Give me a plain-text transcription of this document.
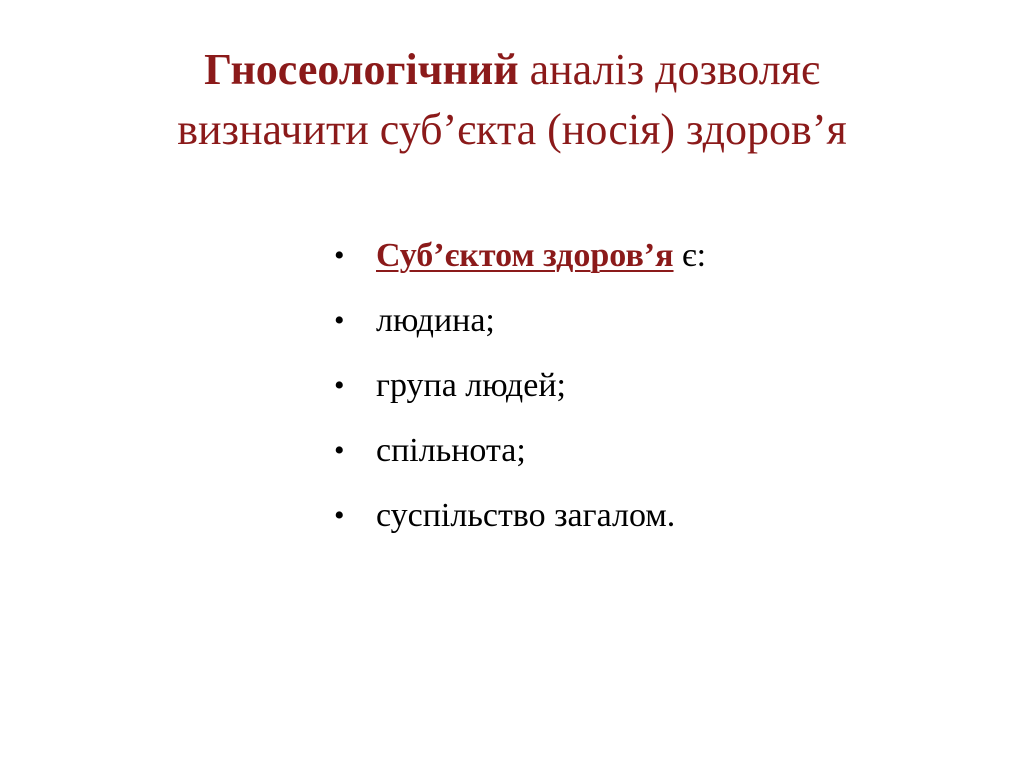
Гносеологічний аналіз дозволяє
визначити суб’єкта (носія) здоров’я
• Суб’єктом здоров’я є:
• людина;
• група людей;
• спільнота;
• суспільство загалом.
